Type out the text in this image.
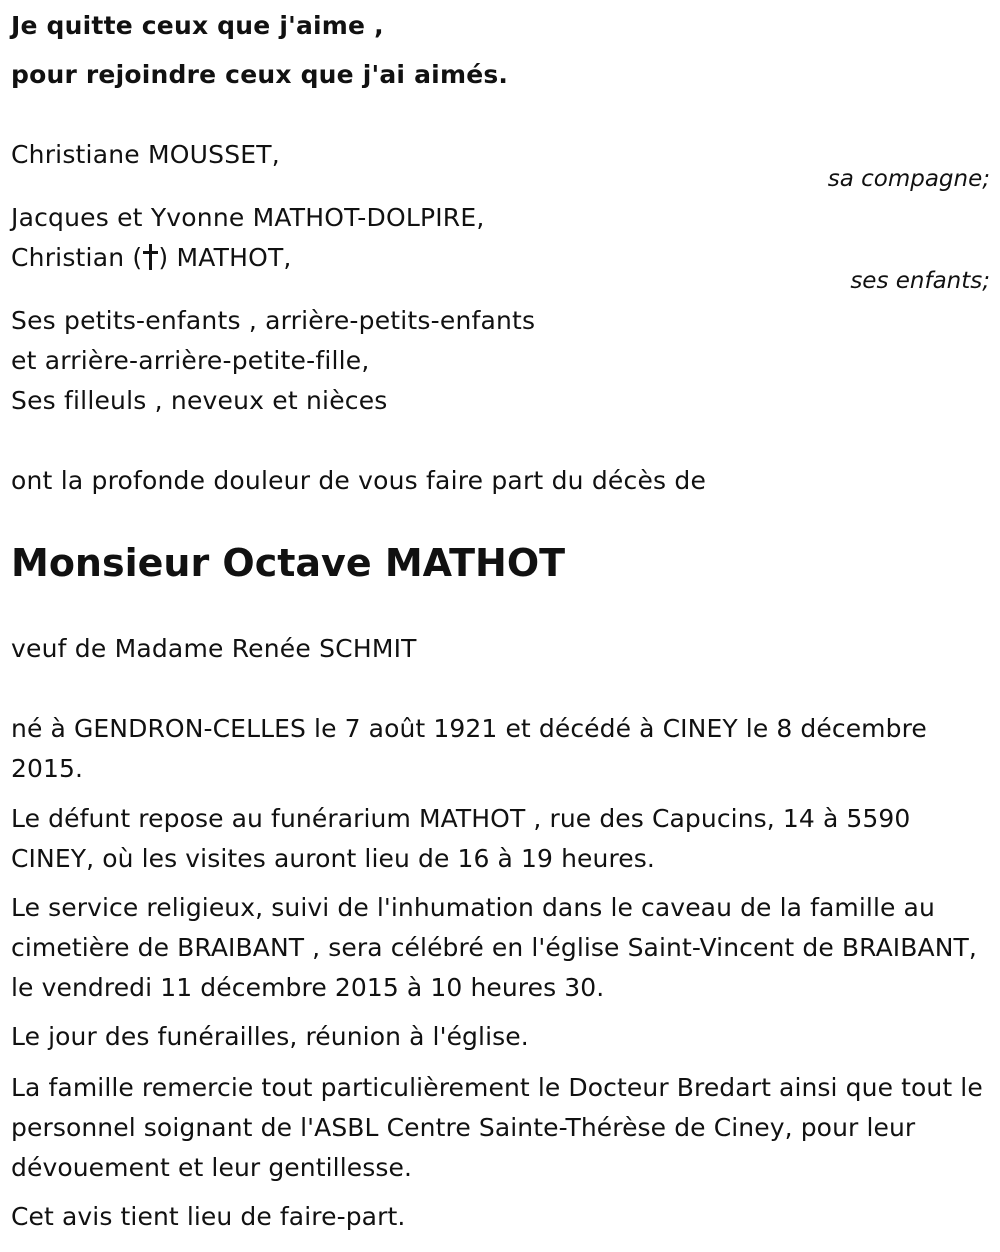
Je quitte ceux que j'aime ,
pour rejoindre ceux que j'ai aimés.
Christiane MOUSSET,
sa compagne;
Jacques et Yvonne MATHOT-DOLPIRE,
Christian ( ) MATHOT,
ses enfants;
Ses petits-enfants , arrière-petits-enfants
et arrière-arrière-petite-fille,
Ses filleuls , neveux et nièces
ont la profonde douleur de vous faire part du décès de
Monsieur Octave MATHOT
veuf de Madame Renée SCHMIT
né à GENDRON-CELLES le 7 août 1921 et décédé à CINEY le 8 décembre 2015.
Le défunt repose au funérarium MATHOT , rue des Capucins, 14 à 5590 CINEY, où les visites auront lieu de 16 à 19 heures.
Le service religieux, suivi de l'inhumation dans le caveau de la famille au cimetière de BRAIBANT , sera célébré en l'église Saint-Vincent de BRAIBANT, le vendredi 11 décembre 2015 à 10 heures 30.
Le jour des funérailles, réunion à l'église.
La famille remercie tout particulièrement le Docteur Bredart ainsi que tout le personnel soignant de l'ASBL Centre Sainte-Thérèse de Ciney, pour leur dévouement et leur gentillesse.
Cet avis tient lieu de faire-part.
